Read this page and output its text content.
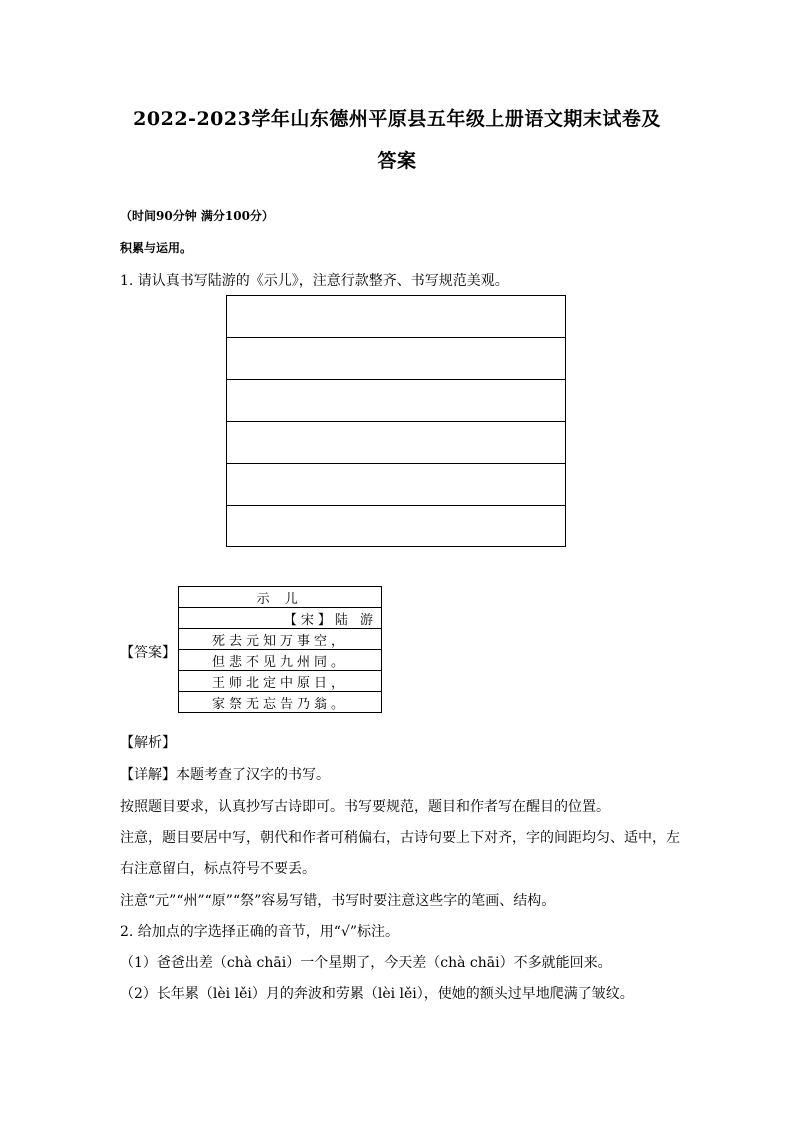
2022-2023学年山东德州平原县五年级上册语文期末试卷及
答案
（时间90分钟 满分100分）
积累与运用。
1. 请认真书写陆游的《示儿》，注意行款整齐、书写规范美观。
【答案】
示 儿
【宋】陆 游
死去元知万事空，
但悲不见九州同。
王师北定中原日，
家祭无忘告乃翁。
【解析】
【详解】本题考查了汉字的书写。
按照题目要求，认真抄写古诗即可。书写要规范，题目和作者写在醒目的位置。
注意，题目要居中写，朝代和作者可稍偏右，古诗句要上下对齐，字的间距均匀、适中，左
右注意留白，标点符号不要丢。
注意“元”“州”“原”“祭”容易写错，书写时要注意这些字的笔画、结构。
2. 给加点的字选择正确的音节，用“√”标注。
（1）爸爸出差（chà chāi）一个星期了，今天差（chà chāi）不多就能回来。
（2）长年累（lèi lěi）月的奔波和劳累（lèi lěi），使她的额头过早地爬满了皱纹。
